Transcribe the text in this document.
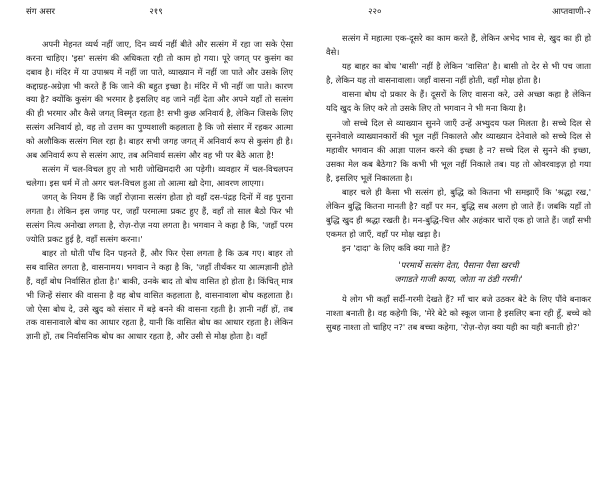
संग असर	२१९

अपनी मेहनत व्यर्थ नहीं जाए, दिन व्यर्थ नहीं बीते और सत्संग में रहा जा सके ऐसा करना चाहिए। 'इस' सत्संग की अधिकता रही तो काम हो गया। पूरे जगत् पर कुसंग का दबाव है। मंदिर में या उपाश्रय में नहीं जा पाते, व्याख्यान में नहीं जा पाते और उसके लिए कद्दाग्रह-अग्रेज़ा भी करते हैं कि जाने की बहुत इच्छा है। मंदिर में भी नहीं जा पाते। कारण क्या है? क्योंकि कुसंग की भरमार है इसलिए वह जाने नहीं देता और अपने यहाँ तो सत्संग की ही भरमार और कैसे जगत् विस्मृत रहता है! सभी कुछ अनिवार्य है, लेकिन जिसके लिए सत्संग अनिवार्य हो, वह तो उत्तम का पुण्यशाली कहलाता है कि जो संसार में रहकर आत्मा को अलौकिक सत्संग मिल रहा है। बाहर सभी जगह जगत् में अनिवार्य रूप से कुसंग ही है। अब अनिवार्य रूप से सत्संग आए, तब अनिवार्य सत्संग और वह भी पर बैठे आता है!

सत्संग में चल-विचल हुए तो भारी जोखिमदारी आ पड़ेगी। व्यवहार में चल-विचलपन चलेगा। इस धर्म में तो अगर चल-विचल हुआ तो आत्मा खो देगा, आवरण लाएगा।

जगत् के नियम हैं कि जहाँ रोज़ाना सत्संग होता हो वहाँ दस-पंद्रह दिनों में वह पुराना लगता है। लेकिन इस जगह पर, जहाँ परमात्मा प्रकट हुए हैं, वहाँ तो साल बैठो फिर भी सत्संग नित्य अनोखा लगता है, रोज़-रोज़ नया लगता है। भगवान ने कहा है कि, 'जहाँ परम ज्योति प्रकट हुई है, वहाँ सत्संग करना।'

बाहर तो धोती पाँच दिन पहनते हैं, और फिर ऐसा लगता है कि ऊब गए। बाहर तो सब वासित लगता है, वासनामय। भगवान ने कहा है कि, 'जहाँ तीर्थंकर या आत्मज्ञानी होते हैं, वहाँ बोध निर्वासित होता है।' बाकी, उनके बाद तो बोध वासित हो होता है। किंचित् मात्र भी जिन्हें संसार की वासना है वह बोध वासित कहलाता है, वासनावाला बोध कहलाता है। जो ऐसा बोध दे, उसे खुद को संसार में बड़े बनने की वासना रहती है। ज्ञानी नहीं हों, तब तक वासनावाले बोध का आधार रहता है, यानी कि वासित बोध का आधार रहता है। लेकिन ज्ञानी हों, तब निर्वासनिक बोध का आधार रहता है, और उसी से मोक्ष होता है। वहाँ

२२०	आप्तवाणी-२

सत्संग में महात्मा एक-दूसरे का काम करते हैं, लेकिन अभेद भाव से, खुद का ही हो वैसे।

यह बाहर का बोध 'बासी' नहीं है लेकिन 'वासित' है। बासी तो देर से भी पच जाता है, लेकिन यह तो वासनावाला। जहाँ वासना नहीं होती, वहाँ मोक्ष होता है।

वासना बोध दो प्रकार के हैं। दूसरों के लिए वासना करे, उसे अच्छा कहा है लेकिन यदि खुद के लिए करे तो उसके लिए तो भगवान ने भी मना किया है।

जो सच्चे दिल से व्याख्यान सुनने जाएँ उन्हें अभ्युदय फल मिलता है। सच्चे दिल से सुननेवाले व्याख्यानकारों की भूल नहीं निकालते और व्याख्यान देनेवाले को सच्चे दिल से महावीर भगवान की आज्ञा पालन करने की इच्छा है न? सच्चे दिल से सुनने की इच्छा, उसका मेल कब बैठेगा? कि कभी भी भूल नहीं निकाले तब। यह तो ओवरवाइज़ हो गया है, इसलिए भूलें निकालता है।

बाहर चले ही कैसा भी सत्संग हो, बुद्धि को कितना भी समझाएँ कि 'श्रद्धा रख,' लेकिन बुद्धि कितना मानती है? वहाँ पर मन, बुद्धि सब अलग हो जाते हैं। जबकि यहाँ तो बुद्धि खुद ही श्रद्धा रखती है। मन-बुद्धि-चित्त और अहंकार चारों एक हो जाते हैं। जहाँ सभी एकमत हो जाएँ, वहाँ पर मोक्ष खड़ा है।

इन 'दादा' के लिए कवि क्या गाते हैं?

'परमार्थे सत्संग देता, पैसाना पैसा खरची
जगाडते गाजी काया, जोता ना ठंडी गरमी।'

ये लोग भी कहाँ सर्दी-गरमी देखते हैं? माँ चार बजे उठकर बेटे के लिए पौंवे बनाकर नाश्ता बनाती है। वह कहेगी कि, 'मेरे बेटे को स्कूल जाना है इसलिए बना रही हूँ, बच्चे को सुबह नाश्ता तो चाहिए न?' तब बच्चा कहेगा, 'रोज़-रोज़ क्या यही का यही बनाती हो?'
